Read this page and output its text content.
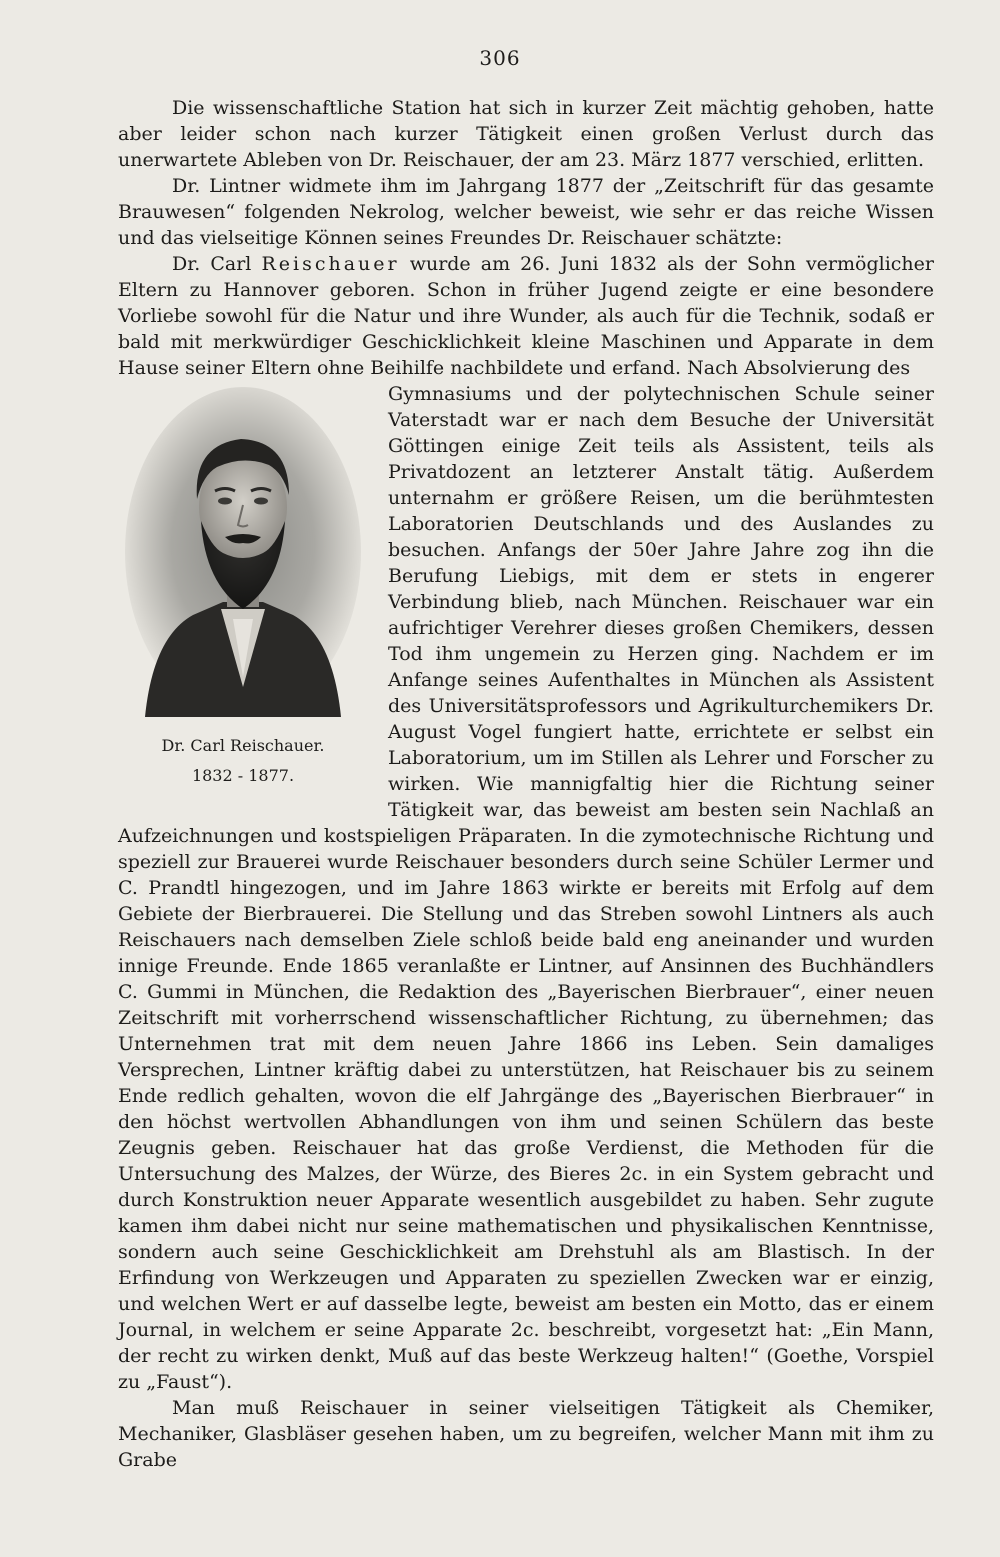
306

Die wissenschaftliche Station hat sich in kurzer Zeit mächtig gehoben, hatte aber leider schon nach kurzer Tätigkeit einen großen Verlust durch das unerwartete Ableben von Dr. Reischauer, der am 23. März 1877 verschied, erlitten.

Dr. Lintner widmete ihm im Jahrgang 1877 der „Zeitschrift für das gesamte Brauwesen“ folgenden Nekrolog, welcher beweist, wie sehr er das reiche Wissen und das vielseitige Können seines Freundes Dr. Reischauer schätzte:

Dr. Carl Reischauer wurde am 26. Juni 1832 als der Sohn vermöglicher Eltern zu Hannover geboren. Schon in früher Jugend zeigte er eine besondere Vorliebe sowohl für die Natur und ihre Wunder, als auch für die Technik, sodaß er bald mit merkwürdiger Geschicklichkeit kleine Maschinen und Apparate in dem Hause seiner Eltern ohne Beihilfe nachbildete und erfand. Nach Absolvierung des

Dr. Carl Reischauer.
1832 - 1877.

Gymnasiums und der polytechnischen Schule seiner Vaterstadt war er nach dem Besuche der Universität Göttingen einige Zeit teils als Assistent, teils als Privatdozent an letzterer Anstalt tätig. Außerdem unternahm er größere Reisen, um die berühmtesten Laboratorien Deutschlands und des Auslandes zu besuchen. Anfangs der 50er Jahre Jahre zog ihn die Berufung Liebigs, mit dem er stets in engerer Verbindung blieb, nach München. Reischauer war ein aufrichtiger Verehrer dieses großen Chemikers, dessen Tod ihm ungemein zu Herzen ging. Nachdem er im Anfange seines Aufenthaltes in München als Assistent des Universitätsprofessors und Agrikulturchemikers Dr. August Vogel fungiert hatte, errichtete er selbst ein Laboratorium, um im Stillen als Lehrer und Forscher zu wirken. Wie mannigfaltig hier die Richtung seiner Tätigkeit war, das beweist am besten sein Nachlaß an Aufzeichnungen und kostspieligen Präparaten. In die zymotechnische Richtung und speziell zur Brauerei wurde Reischauer besonders durch seine Schüler Lermer und C. Prandtl hingezogen, und im Jahre 1863 wirkte er bereits mit Erfolg auf dem Gebiete der Bierbrauerei. Die Stellung und das Streben sowohl Lintners als auch Reischauers nach demselben Ziele schloß beide bald eng aneinander und wurden innige Freunde. Ende 1865 veranlaßte er Lintner, auf Ansinnen des Buchhändlers C. Gummi in München, die Redaktion des „Bayerischen Bierbrauer“, einer neuen Zeitschrift mit vorherrschend wissenschaftlicher Richtung, zu übernehmen; das Unternehmen trat mit dem neuen Jahre 1866 ins Leben. Sein damaliges Versprechen, Lintner kräftig dabei zu unterstützen, hat Reischauer bis zu seinem Ende redlich gehalten, wovon die elf Jahrgänge des „Bayerischen Bierbrauer“ in den höchst wertvollen Abhandlungen von ihm und seinen Schülern das beste Zeugnis geben. Reischauer hat das große Verdienst, die Methoden für die Untersuchung des Malzes, der Würze, des Bieres 2c. in ein System gebracht und durch Konstruktion neuer Apparate wesentlich ausgebildet zu haben. Sehr zugute kamen ihm dabei nicht nur seine mathematischen und physikalischen Kenntnisse, sondern auch seine Geschicklichkeit am Drehstuhl als am Blastisch. In der Erfindung von Werkzeugen und Apparaten zu speziellen Zwecken war er einzig, und welchen Wert er auf dasselbe legte, beweist am besten ein Motto, das er einem Journal, in welchem er seine Apparate 2c. beschreibt, vorgesetzt hat: „Ein Mann, der recht zu wirken denkt, Muß auf das beste Werkzeug halten!“ (Goethe, Vorspiel zu „Faust“).

Man muß Reischauer in seiner vielseitigen Tätigkeit als Chemiker, Mechaniker, Glasbläser gesehen haben, um zu begreifen, welcher Mann mit ihm zu Grabe
